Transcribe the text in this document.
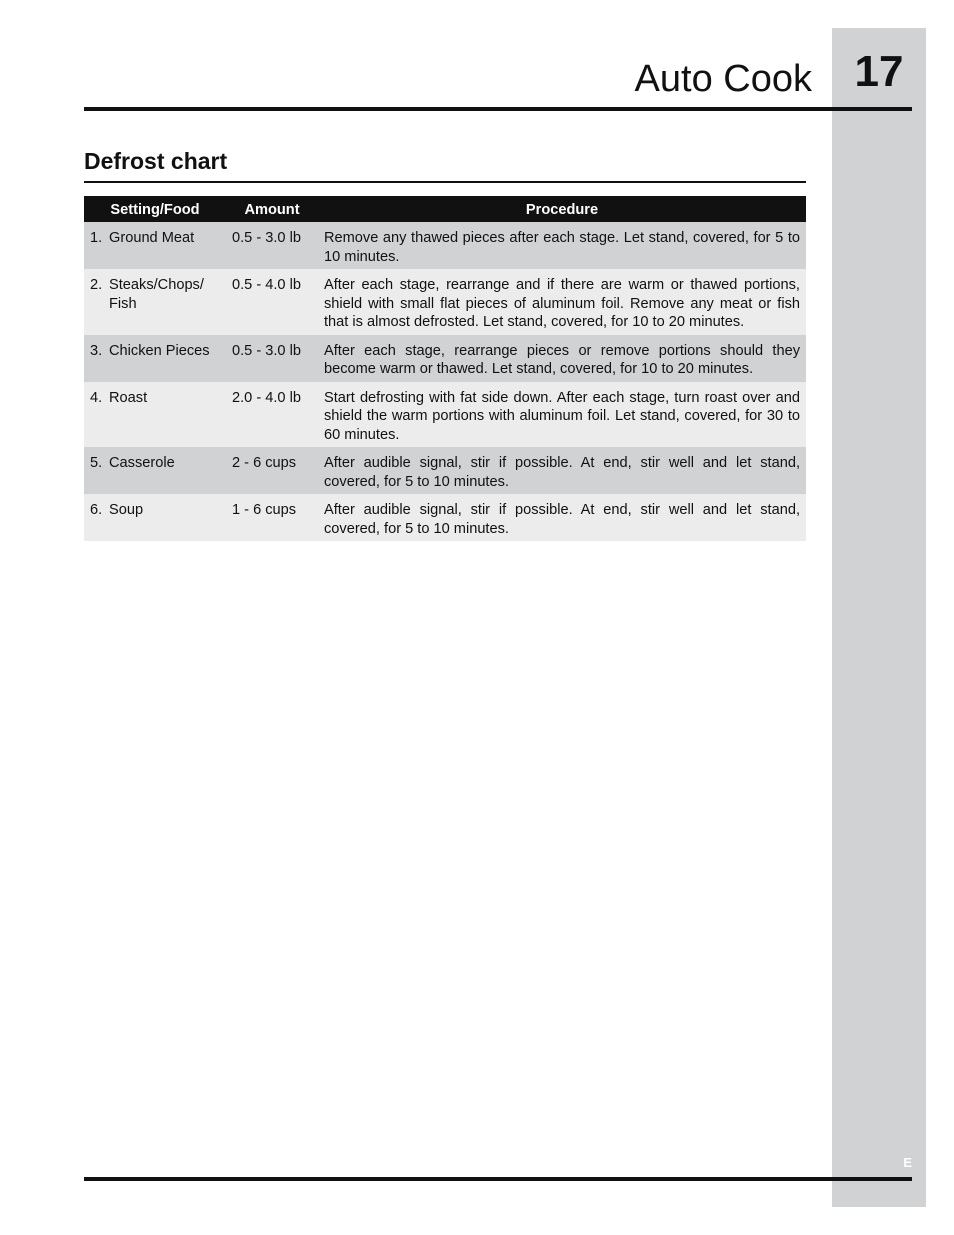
17
E
Auto Cook
Defrost chart
Setting/Food	Amount	Procedure

1. Ground Meat	0.5 - 3.0 lb	Remove any thawed pieces after each stage. Let stand, covered, for 5 to 10 minutes.

2. Steaks/Chops/ Fish	0.5 - 4.0 lb	After each stage, rearrange and if there are warm or thawed portions, shield with small flat pieces of aluminum foil. Remove any meat or fish that is almost defrosted. Let stand, covered, for 10 to 20 minutes.

3. Chicken Pieces	0.5 - 3.0 lb	After each stage, rearrange pieces or remove portions should they become warm or thawed. Let stand, covered, for 10 to 20 minutes.

4. Roast	2.0 - 4.0 lb	Start defrosting with fat side down. After each stage, turn roast over and shield the warm portions with aluminum foil. Let stand, covered, for 30 to 60 minutes.

5. Casserole	2 - 6 cups	After audible signal, stir if possible. At end, stir well and let stand, covered, for 5 to 10 minutes.

6. Soup	1 - 6 cups	After audible signal, stir if possible. At end, stir well and let stand, covered, for 5 to 10 minutes.
